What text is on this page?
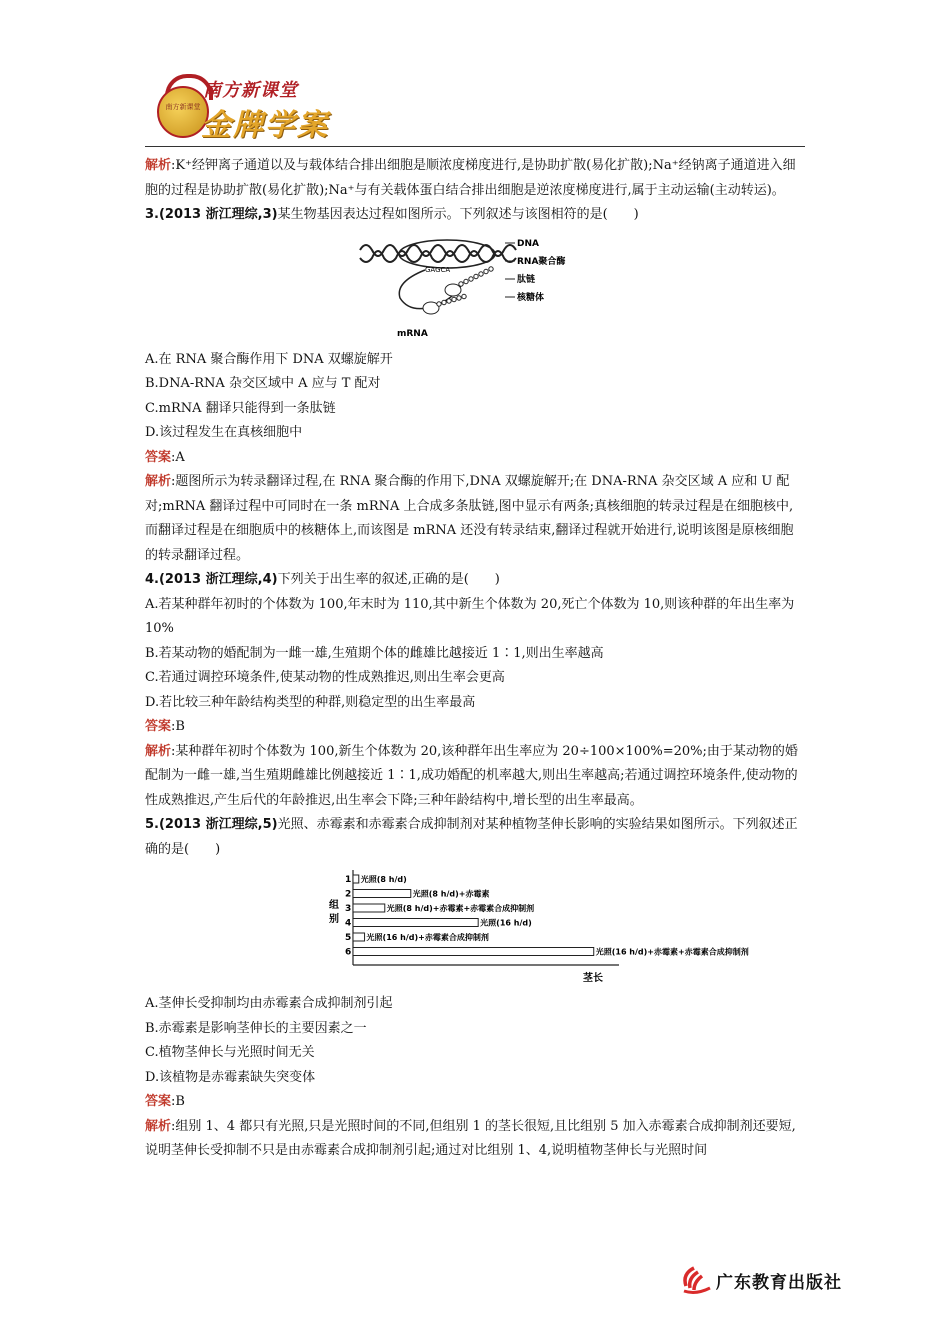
南方新课堂
南方新课堂
金牌学案

解析:K⁺经钾离子通道以及与载体结合排出细胞是顺浓度梯度进行,是协助扩散(易化扩散);Na⁺经钠离子通道进入细胞的过程是协助扩散(易化扩散);Na⁺与有关载体蛋白结合排出细胞是逆浓度梯度进行,属于主动运输(主动转运)。

3.(2013 浙江理综,3)某生物基因表达过程如图所示。下列叙述与该图相符的是(　　)

GAGCA
DNA
RNA聚合酶
肽链
核糖体
mRNA

A.在 RNA 聚合酶作用下 DNA 双螺旋解开

B.DNA-RNA 杂交区域中 A 应与 T 配对

C.mRNA 翻译只能得到一条肽链

D.该过程发生在真核细胞中

答案:A

解析:题图所示为转录翻译过程,在 RNA 聚合酶的作用下,DNA 双螺旋解开;在 DNA-RNA 杂交区域 A 应和 U 配对;mRNA 翻译过程中可同时在一条 mRNA 上合成多条肽链,图中显示有两条;真核细胞的转录过程是在细胞核中,而翻译过程是在细胞质中的核糖体上,而该图是 mRNA 还没有转录结束,翻译过程就开始进行,说明该图是原核细胞的转录翻译过程。

4.(2013 浙江理综,4)下列关于出生率的叙述,正确的是(　　)

A.若某种群年初时的个体数为 100,年末时为 110,其中新生个体数为 20,死亡个体数为 10,则该种群的年出生率为 10%

B.若某动物的婚配制为一雌一雄,生殖期个体的雌雄比越接近 1∶1,则出生率越高

C.若通过调控环境条件,使某动物的性成熟推迟,则出生率会更高

D.若比较三种年龄结构类型的种群,则稳定型的出生率最高

答案:B

解析:某种群年初时个体数为 100,新生个体数为 20,该种群年出生率应为 20÷100×100%=20%;由于某动物的婚配制为一雌一雄,当生殖期雌雄比例越接近 1∶1,成功婚配的机率越大,则出生率越高;若通过调控环境条件,使动物的性成熟推迟,产生后代的年龄推迟,出生率会下降;三种年龄结构中,增长型的出生率最高。

5.(2013 浙江理综,5)光照、赤霉素和赤霉素合成抑制剂对某种植物茎伸长影响的实验结果如图所示。下列叙述正确的是(　　)

组
别
1 光照(8 h/d)
2	光照(8 h/d)+赤霉素
3	光照(8 h/d)+赤霉素+赤霉素合成抑制剂
4	光照(16 h/d)
5 光照(16 h/d)+赤霉素合成抑制剂
6	光照(16 h/d)+赤霉素+赤霉素合成抑制剂
茎长

A.茎伸长受抑制均由赤霉素合成抑制剂引起

B.赤霉素是影响茎伸长的主要因素之一

C.植物茎伸长与光照时间无关

D.该植物是赤霉素缺失突变体

答案:B

解析:组别 1、4 都只有光照,只是光照时间的不同,但组别 1 的茎长很短,且比组别 5 加入赤霉素合成抑制剂还要短,说明茎伸长受抑制不只是由赤霉素合成抑制剂引起;通过对比组别 1、4,说明植物茎伸长与光照时间

广东教育出版社
